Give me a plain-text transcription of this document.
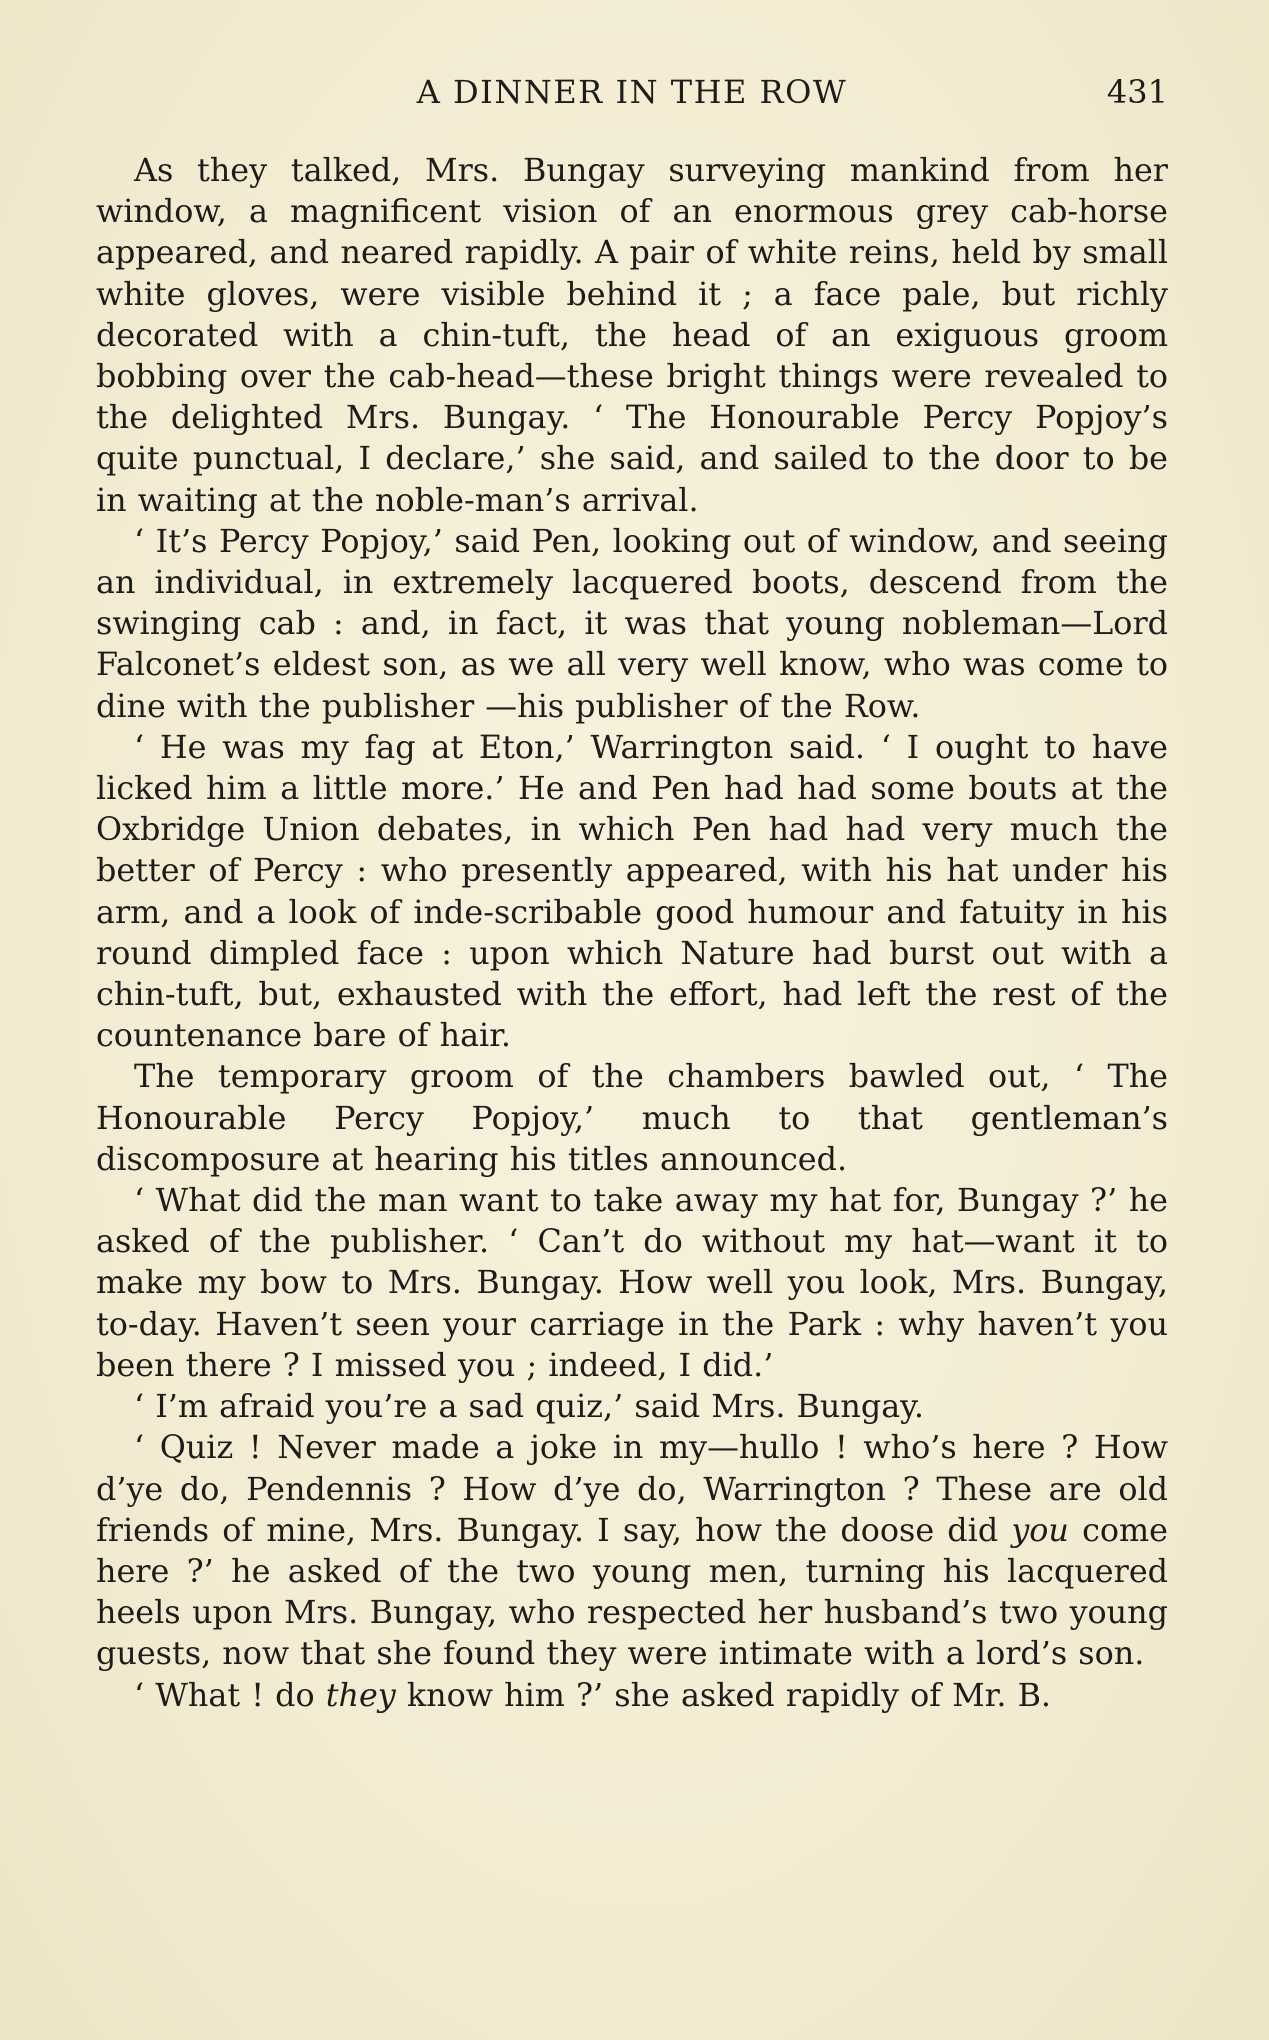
A DINNER IN THE ROW	431

As they talked, Mrs. Bungay surveying mankind from her window, a magnificent vision of an enormous grey cab-horse appeared, and neared rapidly. A pair of white reins, held by small white gloves, were visible behind it ; a face pale, but richly decorated with a chin-tuft, the head of an exiguous groom bobbing over the cab-head—these bright things were revealed to the delighted Mrs. Bungay. ‘ The Honourable Percy Popjoy’s quite punctual, I declare,’ she said, and sailed to the door to be in waiting at the noble-man’s arrival.

‘ It’s Percy Popjoy,’ said Pen, looking out of window, and seeing an individual, in extremely lacquered boots, descend from the swinging cab : and, in fact, it was that young nobleman—Lord Falconet’s eldest son, as we all very well know, who was come to dine with the publisher —his publisher of the Row.

‘ He was my fag at Eton,’ Warrington said. ‘ I ought to have licked him a little more.’ He and Pen had had some bouts at the Oxbridge Union debates, in which Pen had had very much the better of Percy : who presently appeared, with his hat under his arm, and a look of inde-scribable good humour and fatuity in his round dimpled face : upon which Nature had burst out with a chin-tuft, but, exhausted with the effort, had left the rest of the countenance bare of hair.

The temporary groom of the chambers bawled out, ‘ The Honourable Percy Popjoy,’ much to that gentleman’s discomposure at hearing his titles announced.

‘ What did the man want to take away my hat for, Bungay ?’ he asked of the publisher. ‘ Can’t do without my hat—want it to make my bow to Mrs. Bungay. How well you look, Mrs. Bungay, to-day. Haven’t seen your carriage in the Park : why haven’t you been there ? I missed you ; indeed, I did.’

‘ I’m afraid you’re a sad quiz,’ said Mrs. Bungay.

‘ Quiz ! Never made a joke in my—hullo ! who’s here ? How d’ye do, Pendennis ? How d’ye do, Warrington ? These are old friends of mine, Mrs. Bungay. I say, how the doose did you come here ?’ he asked of the two young men, turning his lacquered heels upon Mrs. Bungay, who respected her husband’s two young guests, now that she found they were intimate with a lord’s son.

‘ What ! do they know him ?’ she asked rapidly of Mr. B.
